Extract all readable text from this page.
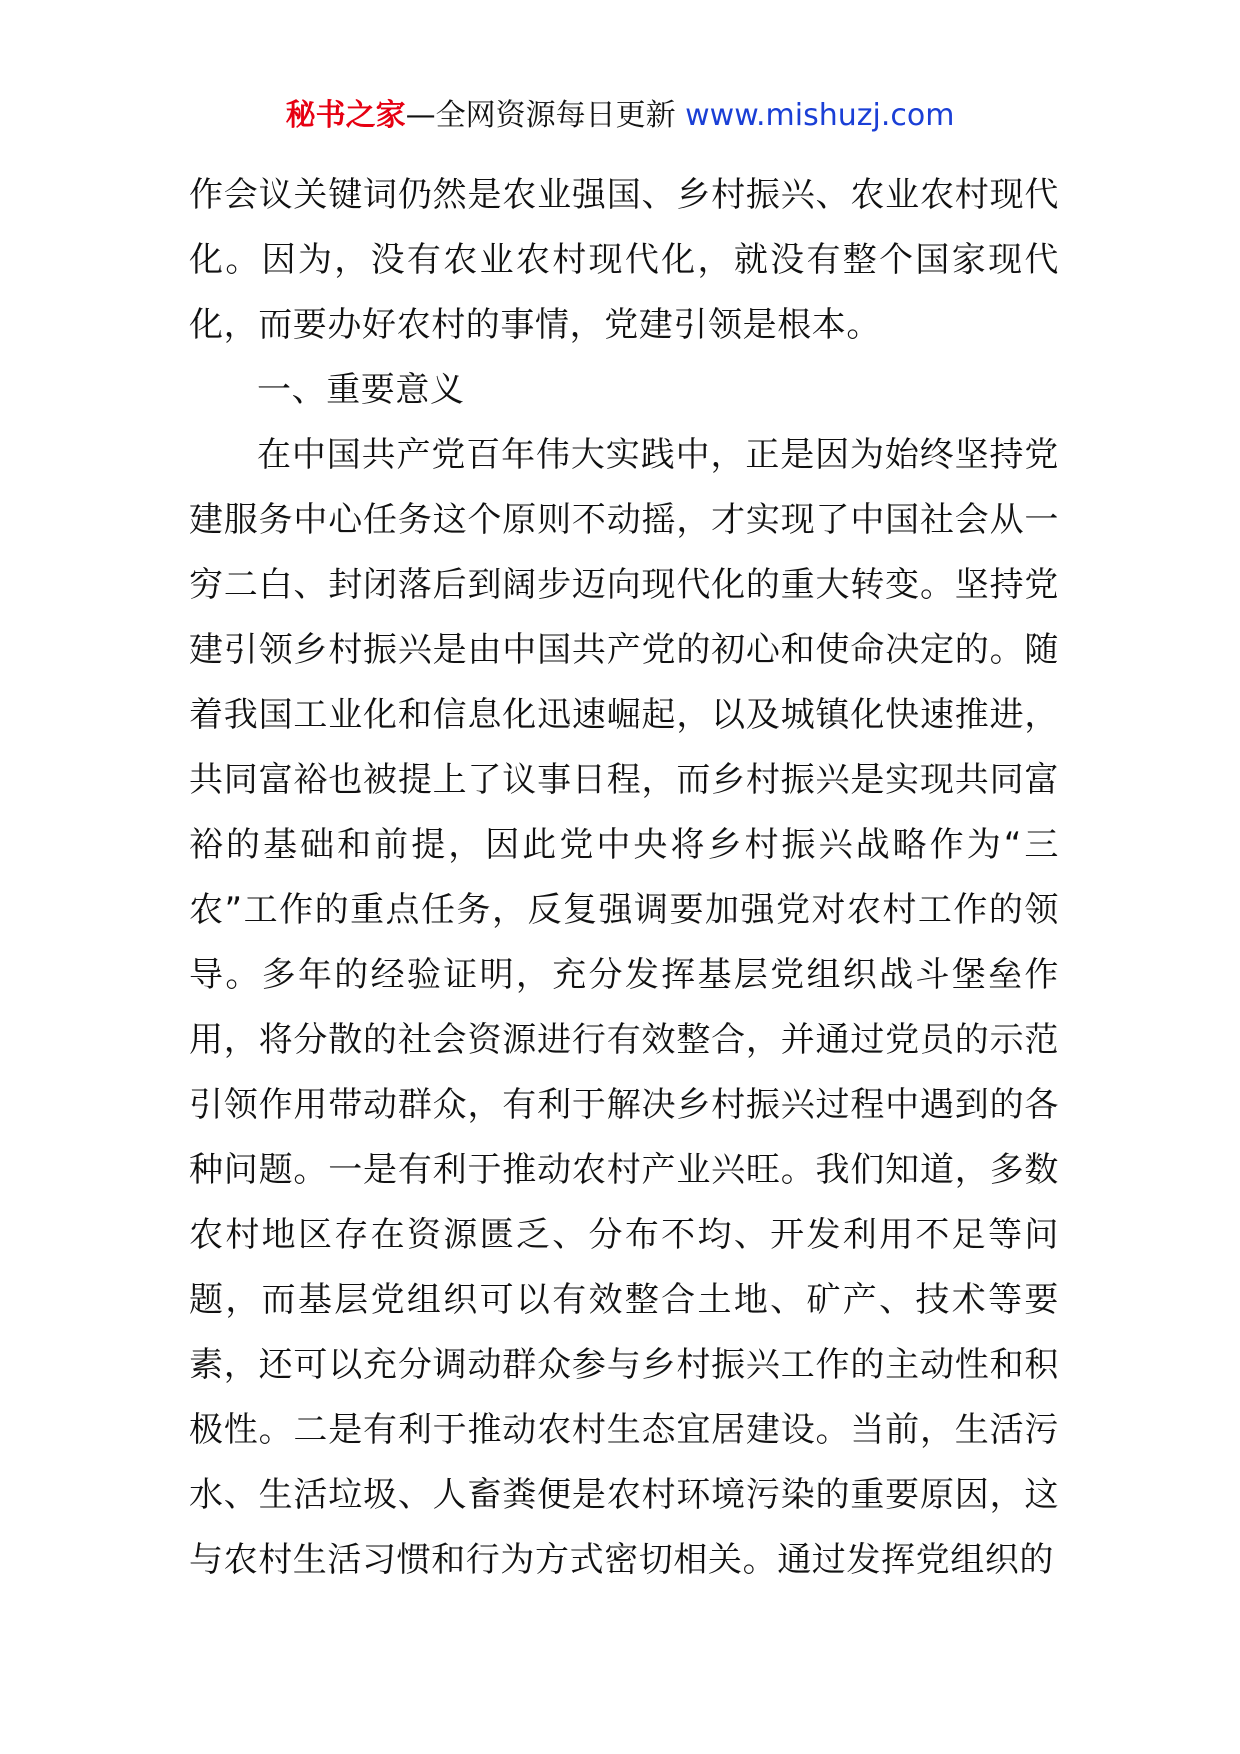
秘书之家—全网资源每日更新 www.mishuzj.com

作会议关键词仍然是农业强国、乡村振兴、农业农村现代化。因为，没有农业农村现代化，就没有整个国家现代化，而要办好农村的事情，党建引领是根本。

一、重要意义

在中国共产党百年伟大实践中，正是因为始终坚持党建服务中心任务这个原则不动摇，才实现了中国社会从一穷二白、封闭落后到阔步迈向现代化的重大转变。坚持党建引领乡村振兴是由中国共产党的初心和使命决定的。随着我国工业化和信息化迅速崛起，以及城镇化快速推进，共同富裕也被提上了议事日程，而乡村振兴是实现共同富裕的基础和前提，因此党中央将乡村振兴战略作为“三农”工作的重点任务，反复强调要加强党对农村工作的领导。多年的经验证明，充分发挥基层党组织战斗堡垒作用，将分散的社会资源进行有效整合，并通过党员的示范引领作用带动群众，有利于解决乡村振兴过程中遇到的各种问题。一是有利于推动农村产业兴旺。我们知道，多数农村地区存在资源匮乏、分布不均、开发利用不足等问题，而基层党组织可以有效整合土地、矿产、技术等要素，还可以充分调动群众参与乡村振兴工作的主动性和积极性。二是有利于推动农村生态宜居建设。当前，生活污水、生活垃圾、人畜粪便是农村环境污染的重要原因，这与农村生活习惯和行为方式密切相关。通过发挥党组织的
